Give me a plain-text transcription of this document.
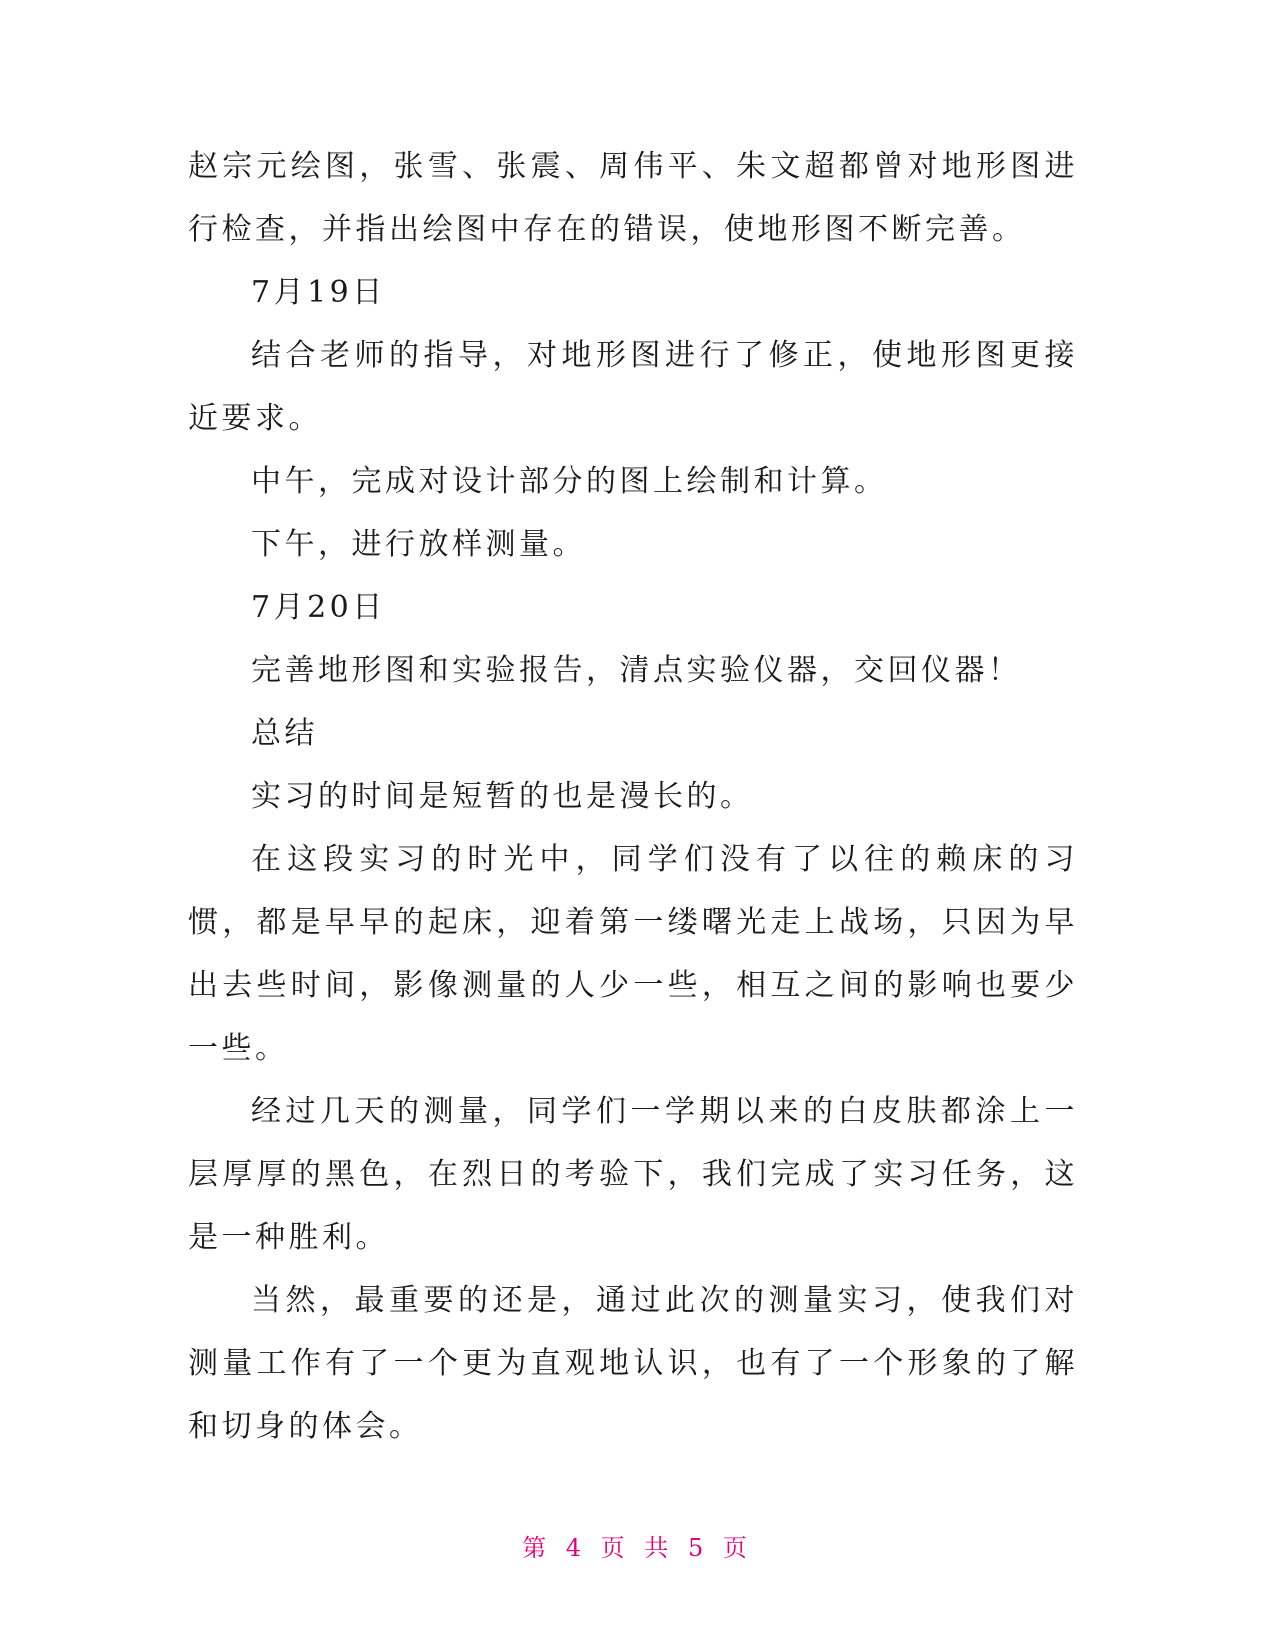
赵宗元绘图，张雪、张震、周伟平、朱文超都曾对地形图进行检查，并指出绘图中存在的错误，使地形图不断完善。

7月19日

结合老师的指导，对地形图进行了修正，使地形图更接近要求。

中午，完成对设计部分的图上绘制和计算。

下午，进行放样测量。

7月20日

完善地形图和实验报告，清点实验仪器，交回仪器！

总结

实习的时间是短暂的也是漫长的。

在这段实习的时光中，同学们没有了以往的赖床的习惯，都是早早的起床，迎着第一缕曙光走上战场，只因为早出去些时间，影像测量的人少一些，相互之间的影响也要少一些。

经过几天的测量，同学们一学期以来的白皮肤都涂上一层厚厚的黑色，在烈日的考验下，我们完成了实习任务，这是一种胜利。

当然，最重要的还是，通过此次的测量实习，使我们对测量工作有了一个更为直观地认识，也有了一个形象的了解和切身的体会。

第 4 页 共 5 页
